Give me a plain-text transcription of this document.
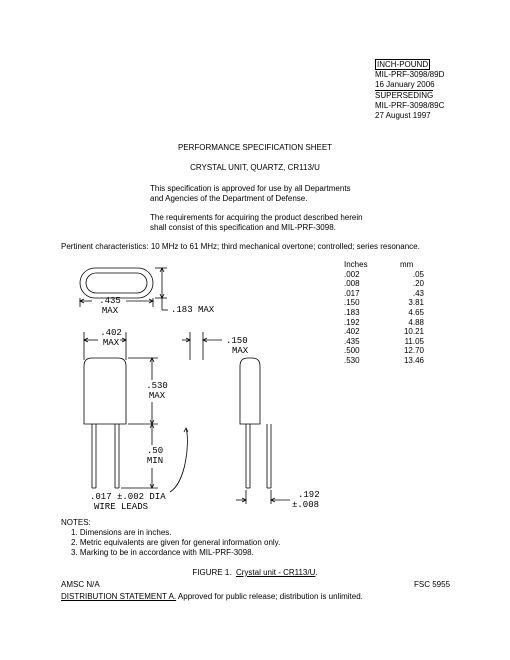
INCH-POUND
MIL-PRF-3098/89D
16 January 2006
SUPERSEDING
MIL-PRF-3098/89C
27 August 1997
PERFORMANCE SPECIFICATION SHEET
CRYSTAL UNIT, QUARTZ, CR113/U
This specification is approved for use by all Departments
and Agencies of the Department of Defense.
The requirements for acquiring the product described herein
shall consist of this specification and MIL-PRF-3098.
Pertinent characteristics: 10 MHz to 61 MHz; third mechanical overtone; controlled; series resonance.
Inches	mm
.002	.05
.008	.20
.017	.43
.150	3.81
.183	4.65
.192	4.88
.402	10.21
.435	11.05
.500	12.70
.530	13.46
.435
MAX	.183 MAX
.402
MAX	.150
MAX
.530
MAX
.50
MIN
.017 ±.002 DIA
WIRE LEADS
.192
±.008
NOTES:
1. Dimensions are in inches.
2. Metric equivalents are given for general information only.
3. Marking to be in accordance with MIL-PRF-3098.
FIGURE 1. Crystal unit - CR113/U.
AMSC N/A	FSC 5955
DISTRIBUTION STATEMENT A. Approved for public release; distribution is unlimited.
